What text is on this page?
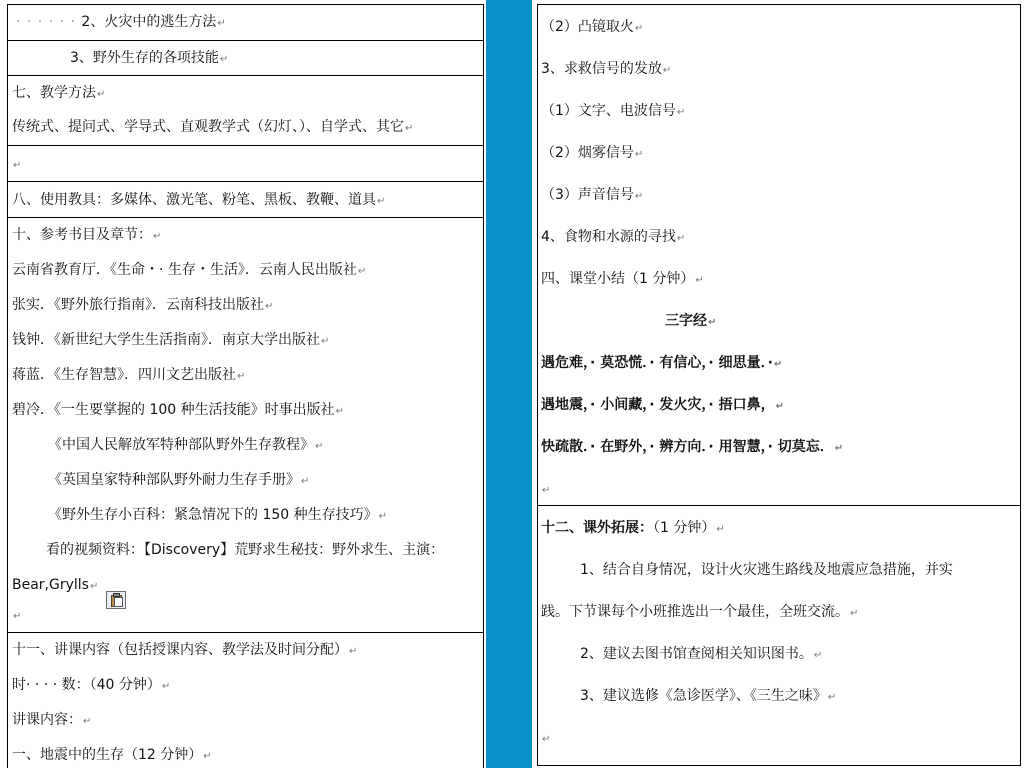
· · · · · · 2、火灾中的逃生方法↵
3、野外生存的各项技能↵
七、教学方法↵
传统式、提问式、学导式、直观教学式（幻灯、）、自学式、其它↵
↵
八、使用教具：多媒体、激光笔、粉笔、黑板、教鞭、道具↵
十、参考书目及章节：↵
云南省教育厅．《生命・· 生存・生活》．云南人民出版社↵
张实．《野外旅行指南》．云南科技出版社↵
钱钟．《新世纪大学生生活指南》．南京大学出版社↵
蒋蓝．《生存智慧》．四川文艺出版社↵
碧冷．《一生要掌握的 100 种生活技能》时事出版社↵
《中国人民解放军特种部队野外生存教程》↵
《英国皇家特种部队野外耐力生存手册》↵
《野外生存小百科：紧急情况下的 150 种生存技巧》↵
看的视频资料：【Discovery】荒野求生秘技：野外求生、主演：
Bear,Grylls↵
↵
十一、讲课内容（包括授课内容、教学法及时间分配）↵
时· · · · 数：（40 分钟）↵
讲课内容：↵
一、地震中的生存（12 分钟）↵
（2）凸镜取火↵
3、求救信号的发放↵
（1）文字、电波信号↵
（2）烟雾信号↵
（3）声音信号↵
4、食物和水源的寻找↵
四、课堂小结（1 分钟）↵
三字经↵
遇危难，· 莫恐慌．· 有信心，· 细思量．·↵
遇地震，· 小间藏，· 发火灾，· 捂口鼻，↵
快疏散．· 在野外，· 辨方向．· 用智慧，· 切莫忘．↵
↵
十二、课外拓展：（1 分钟）↵
1、结合自身情况，设计火灾逃生路线及地震应急措施，并实
践。下节课每个小班推选出一个最佳，全班交流。↵
2、建议去图书馆查阅相关知识图书。↵
3、建议选修《急诊医学》、《三生之味》↵
↵
